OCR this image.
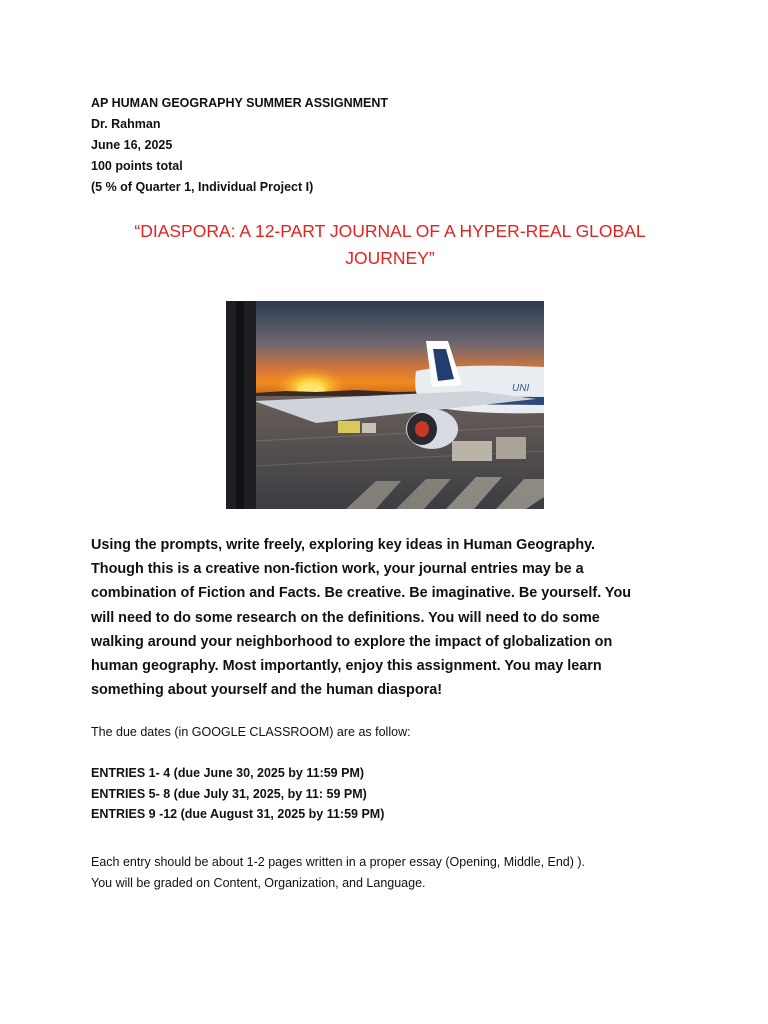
AP HUMAN GEOGRAPHY SUMMER ASSIGNMENT
Dr. Rahman
June 16, 2025
100 points total
(5 % of Quarter 1, Individual Project I)
“DIASPORA: A 12-PART JOURNAL OF A HYPER-REAL GLOBAL
JOURNEY”
UNI
Using the prompts, write freely, exploring key ideas in Human Geography.
Though this is a creative non-fiction work, your journal entries may be a
combination of Fiction and Facts. Be creative. Be imaginative. Be yourself. You
will need to do some research on the definitions. You will need to do some
walking around your neighborhood to explore the impact of globalization on
human geography. Most importantly, enjoy this assignment. You may learn
something about yourself and the human diaspora!
The due dates (in GOOGLE CLASSROOM) are as follow:
ENTRIES 1- 4 (due June 30, 2025 by 11:59 PM)
ENTRIES 5- 8 (due July 31, 2025, by 11: 59 PM)
ENTRIES 9 -12 (due August 31, 2025 by 11:59 PM)
Each entry should be about 1-2 pages written in a proper essay (Opening, Middle, End) ).
You will be graded on Content, Organization, and Language.
